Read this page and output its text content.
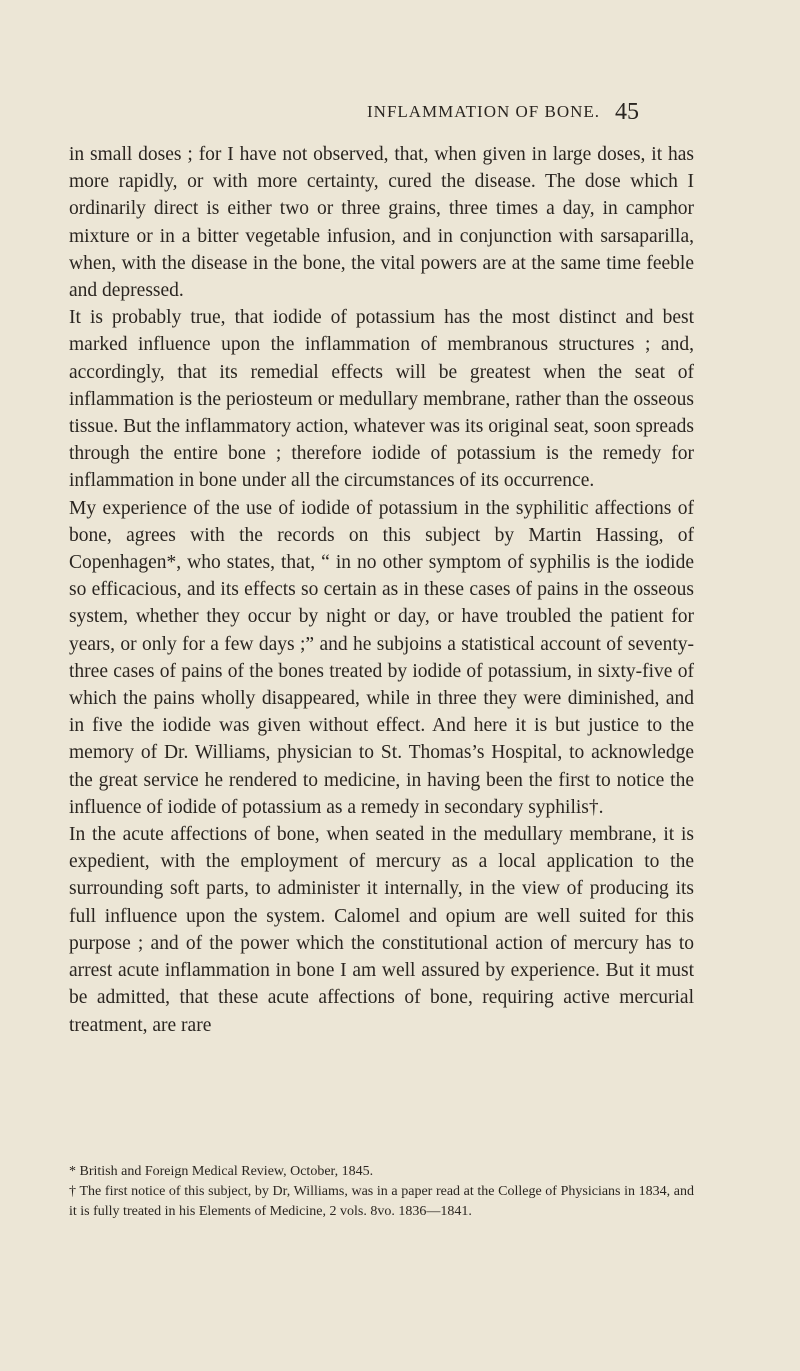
INFLAMMATION OF BONE. 45

in small doses ; for I have not observed, that, when given in large doses, it has more rapidly, or with more certainty, cured the disease. The dose which I ordinarily direct is either two or three grains, three times a day, in camphor mixture or in a bitter vegetable infusion, and in conjunction with sarsaparilla, when, with the disease in the bone, the vital powers are at the same time feeble and depressed.

It is probably true, that iodide of potassium has the most distinct and best marked influence upon the inflammation of membranous structures ; and, accordingly, that its remedial effects will be greatest when the seat of inflammation is the periosteum or medullary membrane, rather than the osseous tissue. But the inflammatory action, whatever was its original seat, soon spreads through the entire bone ; therefore iodide of potassium is the remedy for inflammation in bone under all the circumstances of its occurrence.

My experience of the use of iodide of potassium in the syphilitic affections of bone, agrees with the records on this subject by Martin Hassing, of Copenhagen*, who states, that, “ in no other symptom of syphilis is the iodide so efficacious, and its effects so certain as in these cases of pains in the osseous system, whether they occur by night or day, or have troubled the patient for years, or only for a few days ;” and he subjoins a statistical account of seventy-three cases of pains of the bones treated by iodide of potassium, in sixty-five of which the pains wholly disappeared, while in three they were diminished, and in five the iodide was given without effect. And here it is but justice to the memory of Dr. Williams, physician to St. Thomas’s Hospital, to acknowledge the great service he rendered to medicine, in having been the first to notice the influence of iodide of potassium as a remedy in secondary syphilis†.

In the acute affections of bone, when seated in the medullary membrane, it is expedient, with the employment of mercury as a local application to the surrounding soft parts, to administer it internally, in the view of producing its full influence upon the system. Calomel and opium are well suited for this purpose ; and of the power which the constitutional action of mercury has to arrest acute inflammation in bone I am well assured by experience. But it must be admitted, that these acute affections of bone, requiring active mercurial treatment, are rare

* British and Foreign Medical Review, October, 1845.

† The first notice of this subject, by Dr, Williams, was in a paper read at the College of Physicians in 1834, and it is fully treated in his Elements of Medicine, 2 vols. 8vo. 1836—1841.
